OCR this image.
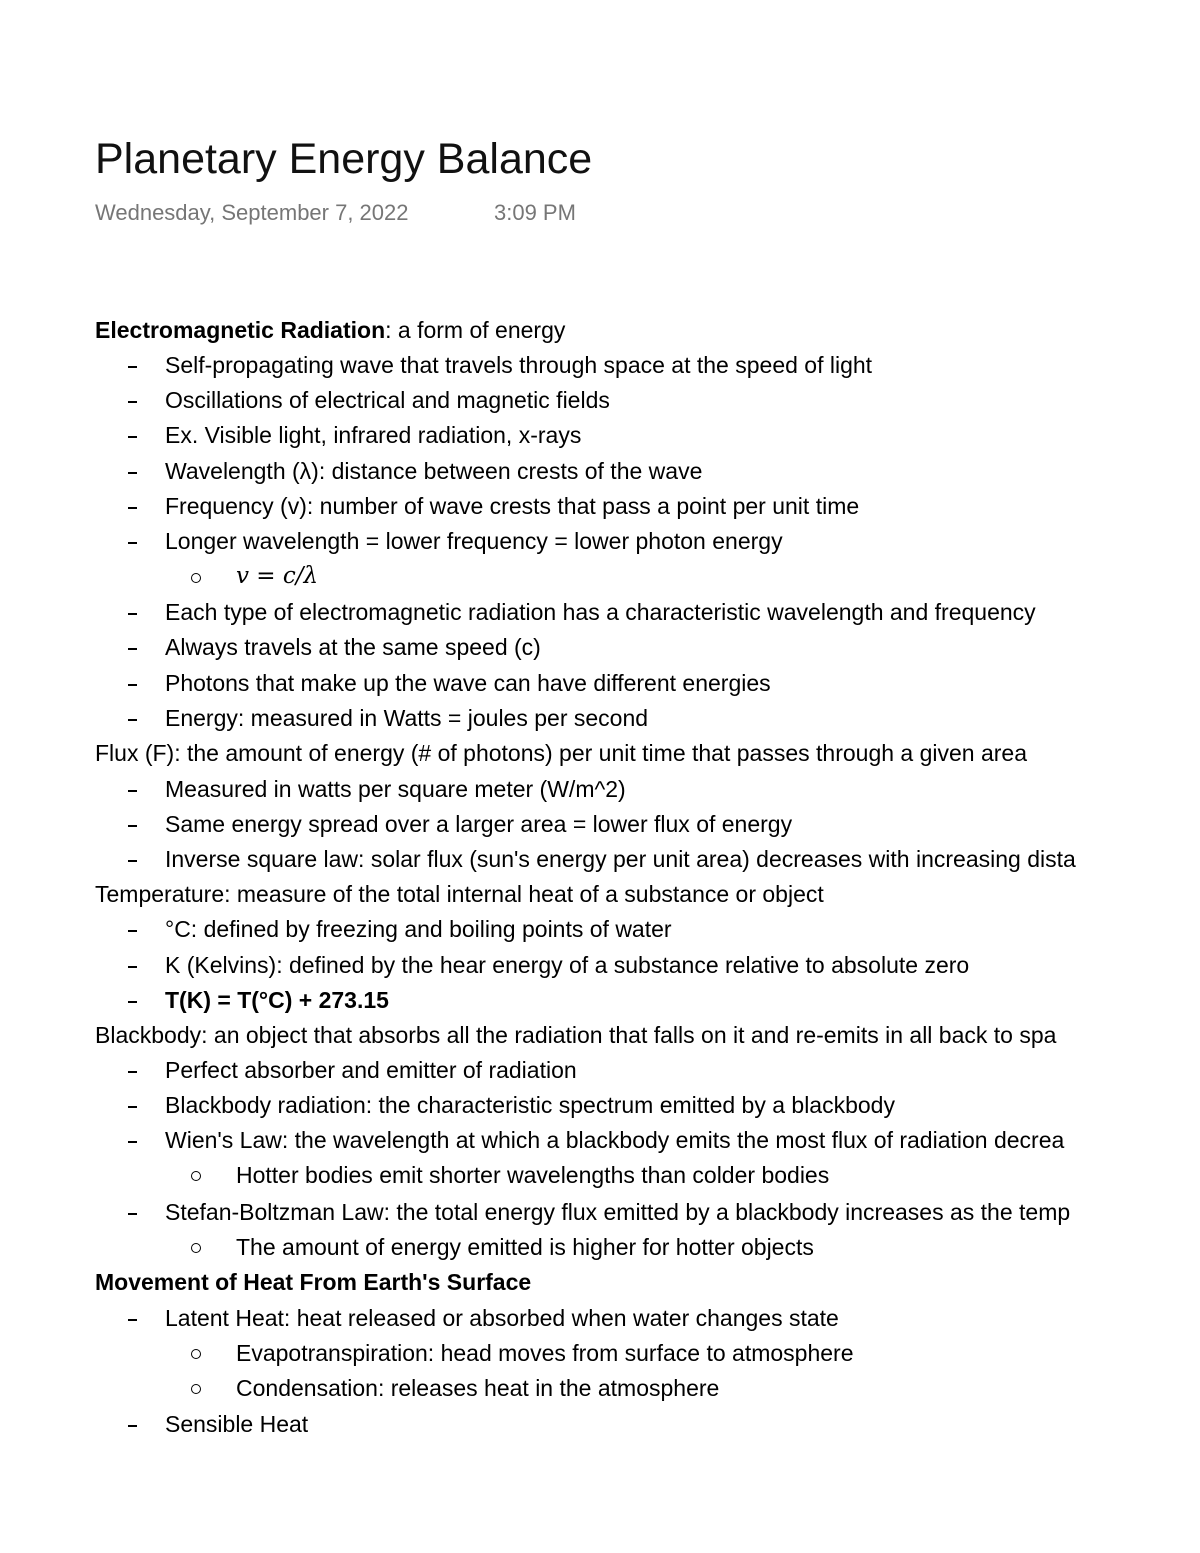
Planetary Energy Balance
Wednesday, September 7, 2022	3:09 PM
Electromagnetic Radiation: a form of energy
Self-propagating wave that travels through space at the speed of light
Oscillations of electrical and magnetic fields
Ex. Visible light, infrared radiation, x-rays
Wavelength (λ): distance between crests of the wave
Frequency (v): number of wave crests that pass a point per unit time
Longer wavelength = lower frequency = lower photon energy
v = c/λ
Each type of electromagnetic radiation has a characteristic wavelength and frequency
Always travels at the same speed (c)
Photons that make up the wave can have different energies
Energy: measured in Watts = joules per second
Flux (F): the amount of energy (# of photons) per unit time that passes through a given area
Measured in watts per square meter (W/m^2)
Same energy spread over a larger area = lower flux of energy
Inverse square law: solar flux (sun's energy per unit area) decreases with increasing dista
Temperature: measure of the total internal heat of a substance or object
°C: defined by freezing and boiling points of water
K (Kelvins): defined by the hear energy of a substance relative to absolute zero
T(K) = T(°C) + 273.15
Blackbody: an object that absorbs all the radiation that falls on it and re-emits in all back to spa
Perfect absorber and emitter of radiation
Blackbody radiation: the characteristic spectrum emitted by a blackbody
Wien's Law: the wavelength at which a blackbody emits the most flux of radiation decrea
Hotter bodies emit shorter wavelengths than colder bodies
Stefan-Boltzman Law: the total energy flux emitted by a blackbody increases as the temp
The amount of energy emitted is higher for hotter objects
Movement of Heat From Earth's Surface
Latent Heat: heat released or absorbed when water changes state
Evapotranspiration: head moves from surface to atmosphere
Condensation: releases heat in the atmosphere
Sensible Heat
